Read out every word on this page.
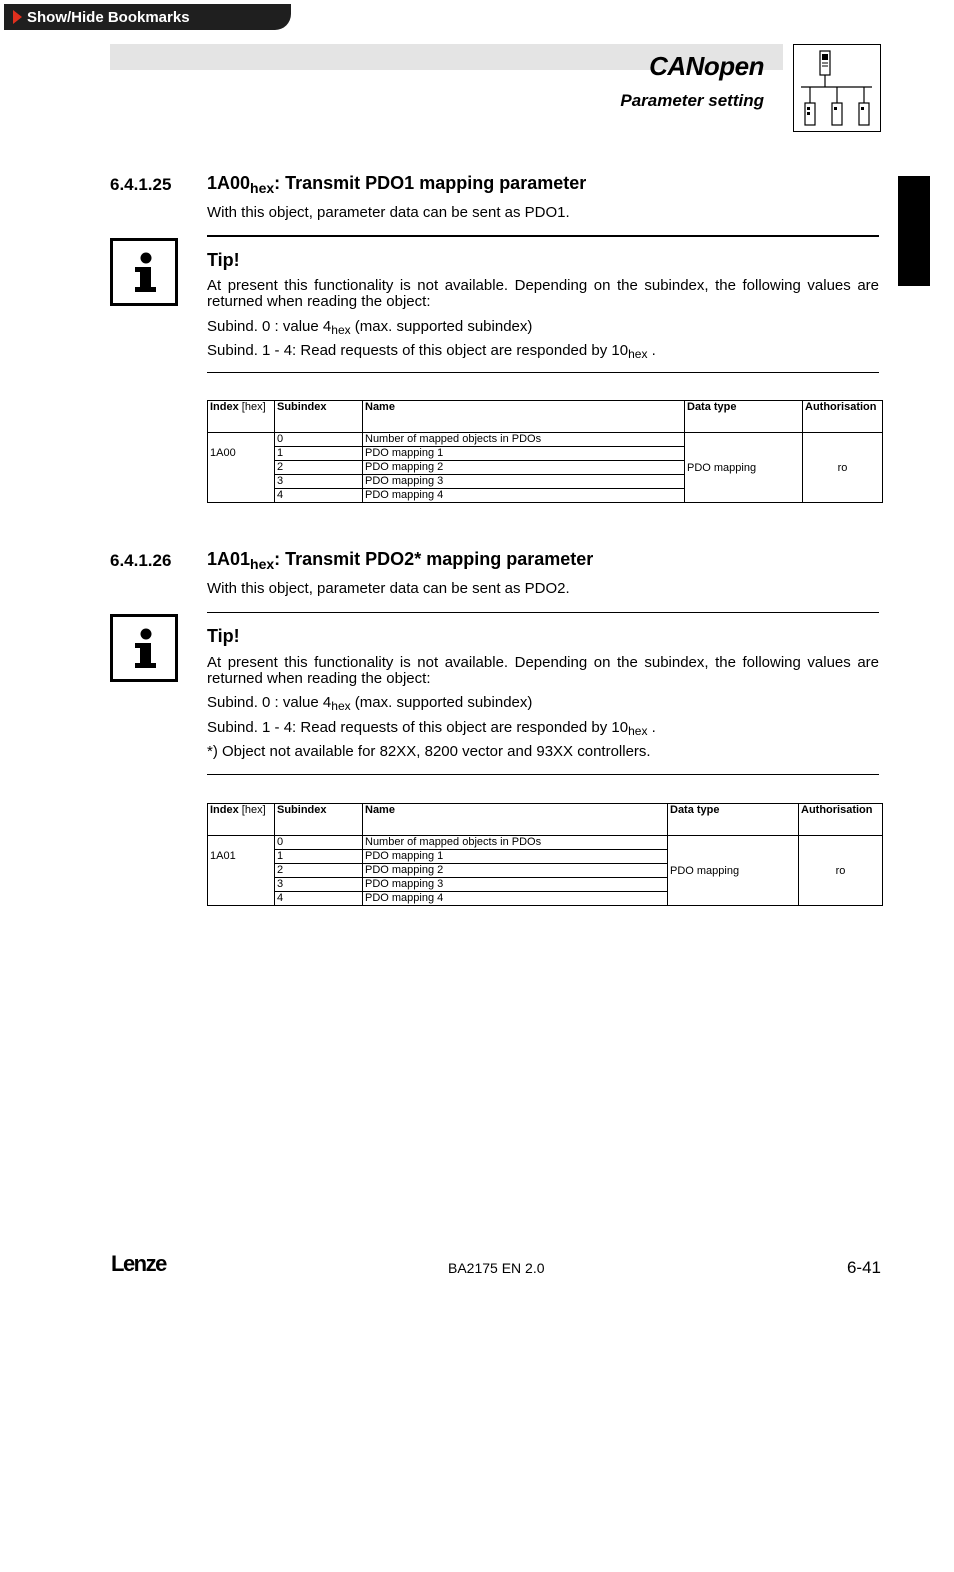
Show/Hide Bookmarks
CANopen
Parameter setting
6.4.1.25 $1A00_{hex}$: Transmit PDO1 mapping parameter
With this object, parameter data can be sent as PDO1.
Tip!
At present this functionality is not available. Depending on the subindex, the following values are returned when reading the object:
Subind. 0 : value $4_{hex}$ (max. supported subindex)
Subind. 1 - 4: Read requests of this object are responded by $10_{hex}$ .
Index [hex]	Subindex	Name	Data type	Authorisation
1A00	0	Number of mapped objects in PDOs	PDO mapping	ro
	1	PDO mapping 1		
	2	PDO mapping 2		
	3	PDO mapping 3		
	4	PDO mapping 4		
6.4.1.26 $1A01_{hex}$: Transmit PDO2* mapping parameter
With this object, parameter data can be sent as PDO2.
Tip!
At present this functionality is not available. Depending on the subindex, the following values are returned when reading the object:
Subind. 0 : value $4_{hex}$ (max. supported subindex)
Subind. 1 - 4: Read requests of this object are responded by $10_{hex}$ .
*) Object not available for 82XX, 8200 vector and 93XX controllers.
Index [hex]	Subindex	Name	Data type	Authorisation
1A01	0	Number of mapped objects in PDOs	PDO mapping	ro
	1	PDO mapping 1		
	2	PDO mapping 2		
	3	PDO mapping 3		
	4	PDO mapping 4		
Lenze	BA2175 EN 2.0	6-41
